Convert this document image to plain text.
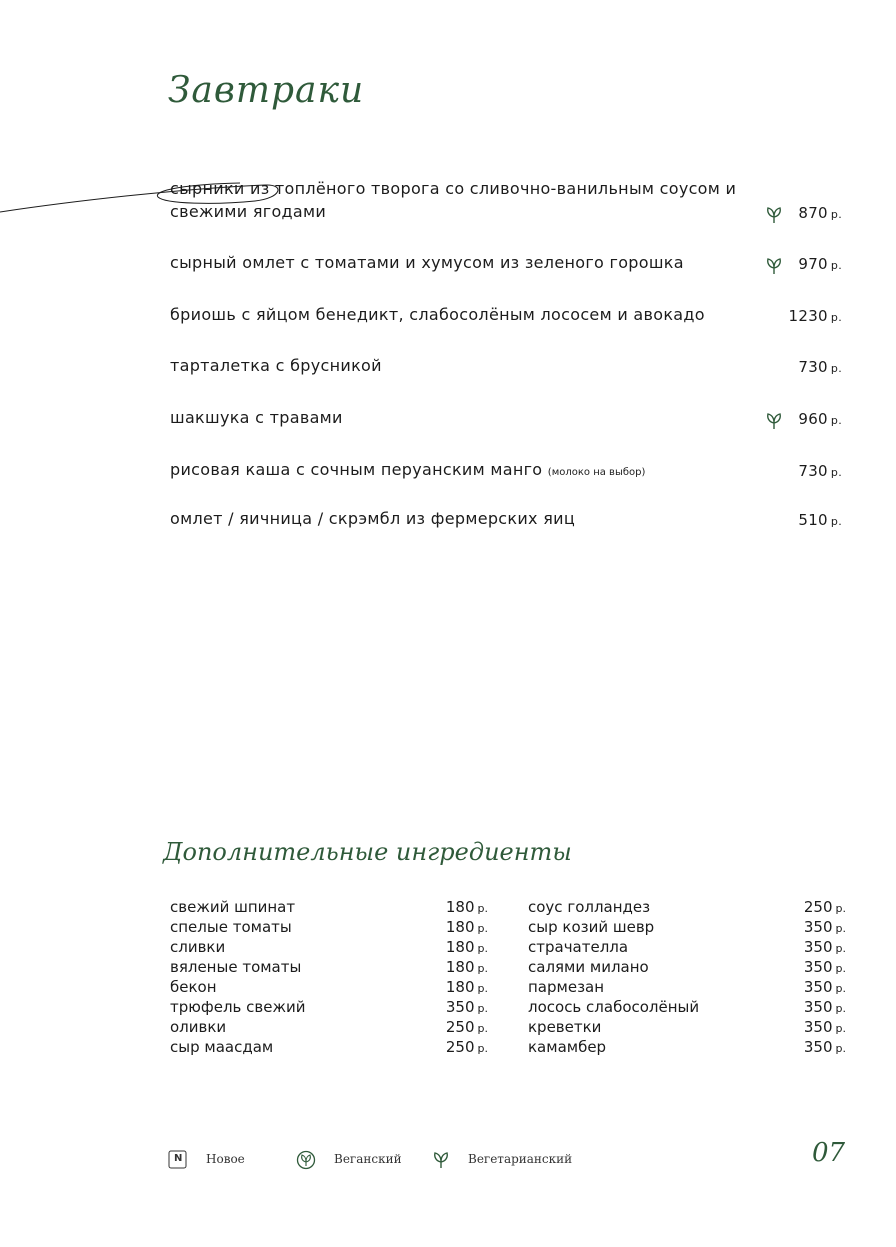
Завтраки
сырники из топлёного творога со сливочно-ванильным соусом и свежими ягодами	870 р.
сырный омлет с томатами и хумусом из зеленого горошка	970 р.
бриошь с яйцом бенедикт, слабосолёным лососем и авокадо	1230 р.
тарталетка с брусникой	730 р.
шакшука с травами	960 р.
рисовая каша с сочным перуанским манго (молоко на выбор)	730 р.
омлет / яичница / скрэмбл из фермерских яиц	510 р.
Дополнительные ингредиенты
свежий шпинат	180 р.
спелые томаты	180 р.
сливки	180 р.
вяленые томаты	180 р.
бекон	180 р.
трюфель свежий	350 р.
оливки	250 р.
сыр маасдам	250 р.
соус голландез	250 р.
сыр козий шевр	350 р.
страчателла	350 р.
салями милано	350 р.
пармезан	350 р.
лосось слабосолёный	350 р.
креветки	350 р.
камамбер	350 р.
N Новое	Веганский	Вегетарианский	07
